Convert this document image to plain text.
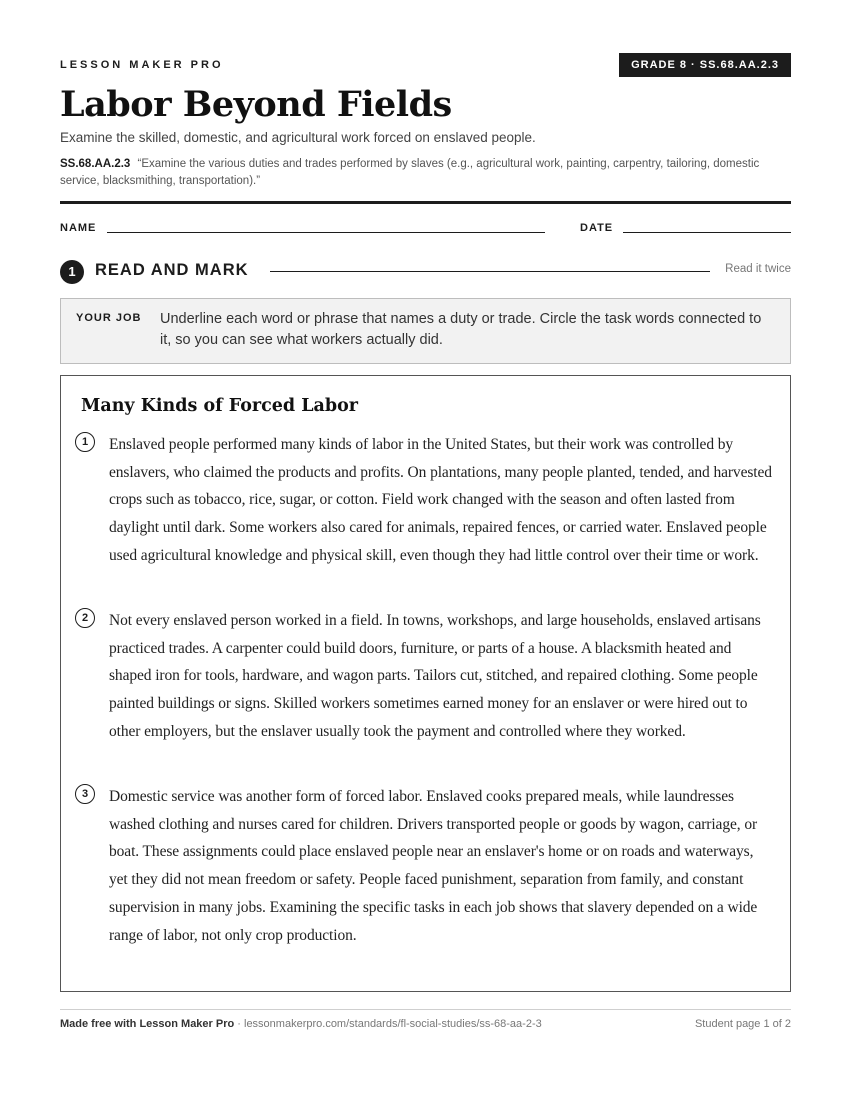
LESSON MAKER PRO	GRADE 8 · SS.68.AA.2.3
Labor Beyond Fields
Examine the skilled, domestic, and agricultural work forced on enslaved people.
SS.68.AA.2.3 “Examine the various duties and trades performed by slaves (e.g., agricultural work, painting, carpentry, tailoring, domestic service, blacksmithing, transportation).”
NAME	DATE
1	READ AND MARK	Read it twice
YOUR JOB Underline each word or phrase that names a duty or trade. Circle the task words connected to it, so you can see what workers actually did.
Many Kinds of Forced Labor
1	Enslaved people performed many kinds of labor in the United States, but their work was controlled by enslavers, who claimed the products and profits. On plantations, many people planted, tended, and harvested crops such as tobacco, rice, sugar, or cotton. Field work changed with the season and often lasted from daylight until dark. Some workers also cared for animals, repaired fences, or carried water. Enslaved people used agricultural knowledge and physical skill, even though they had little control over their time or work.

2	Not every enslaved person worked in a field. In towns, workshops, and large households, enslaved artisans practiced trades. A carpenter could build doors, furniture, or parts of a house. A blacksmith heated and shaped iron for tools, hardware, and wagon parts. Tailors cut, stitched, and repaired clothing. Some people painted buildings or signs. Skilled workers sometimes earned money for an enslaver or were hired out to other employers, but the enslaver usually took the payment and controlled where they worked.

3	Domestic service was another form of forced labor. Enslaved cooks prepared meals, while laundresses washed clothing and nurses cared for children. Drivers transported people or goods by wagon, carriage, or boat. These assignments could place enslaved people near an enslaver's home or on roads and waterways, yet they did not mean freedom or safety. People faced punishment, separation from family, and constant supervision in many jobs. Examining the specific tasks in each job shows that slavery depended on a wide range of labor, not only crop production.

Made free with Lesson Maker Pro · lessonmakerpro.com/standards/fl-social-studies/ss-68-aa-2-3	Student page 1 of 2
